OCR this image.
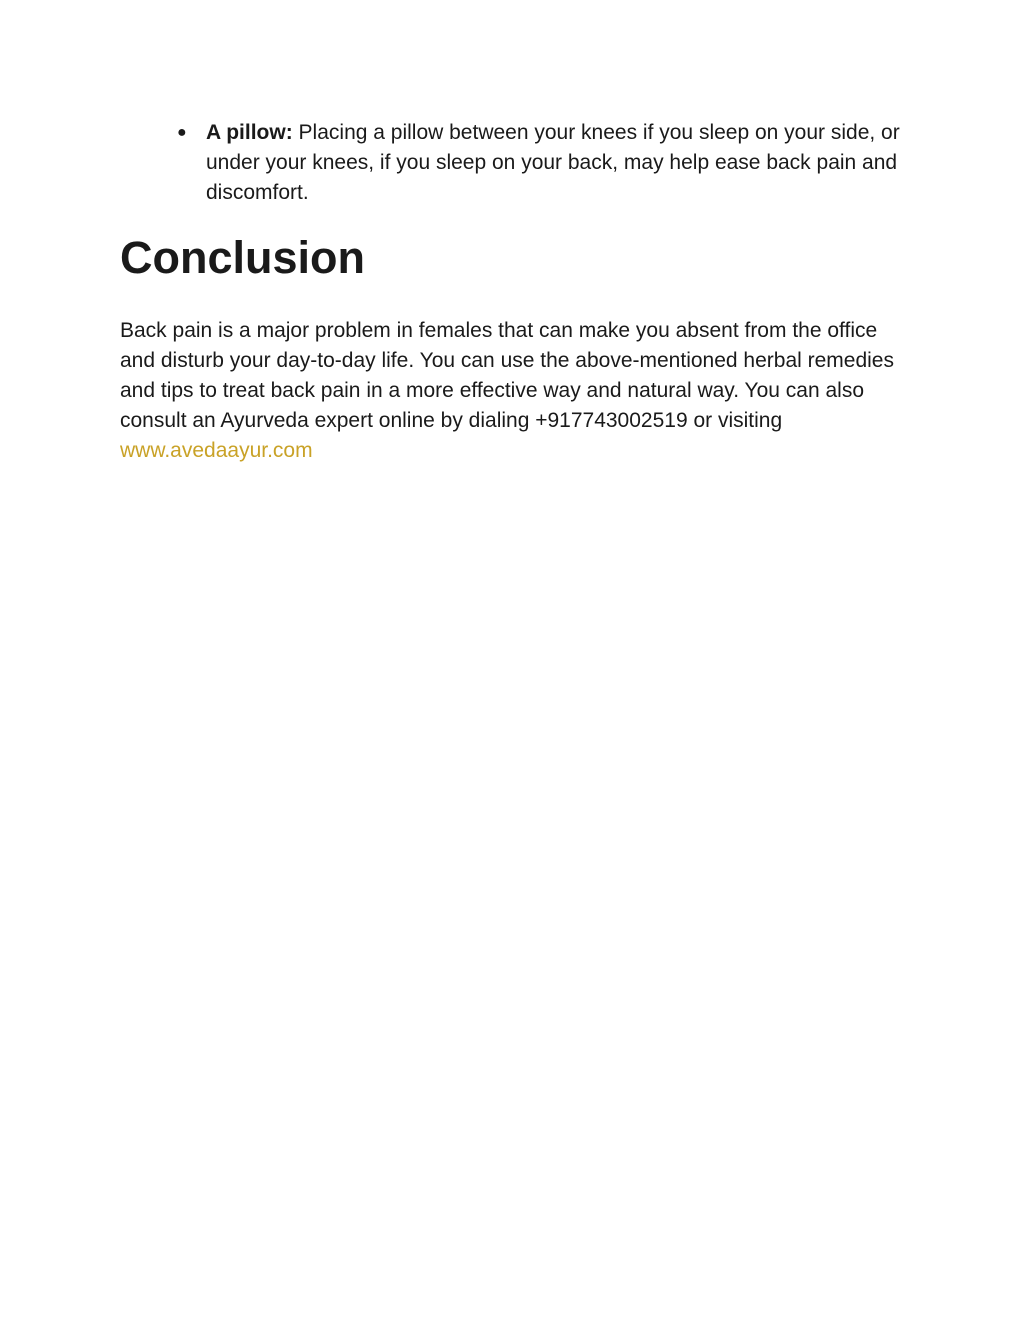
● A pillow: Placing a pillow between your knees if you sleep on your side, or under your knees, if you sleep on your back, may help ease back pain and discomfort.
Conclusion

Back pain is a major problem in females that can make you absent from the office and disturb your day-to-day life. You can use the above-mentioned herbal remedies and tips to treat back pain in a more effective way and natural way. You can also consult an Ayurveda expert online by dialing +917743002519 or visiting www.avedaayur.com
